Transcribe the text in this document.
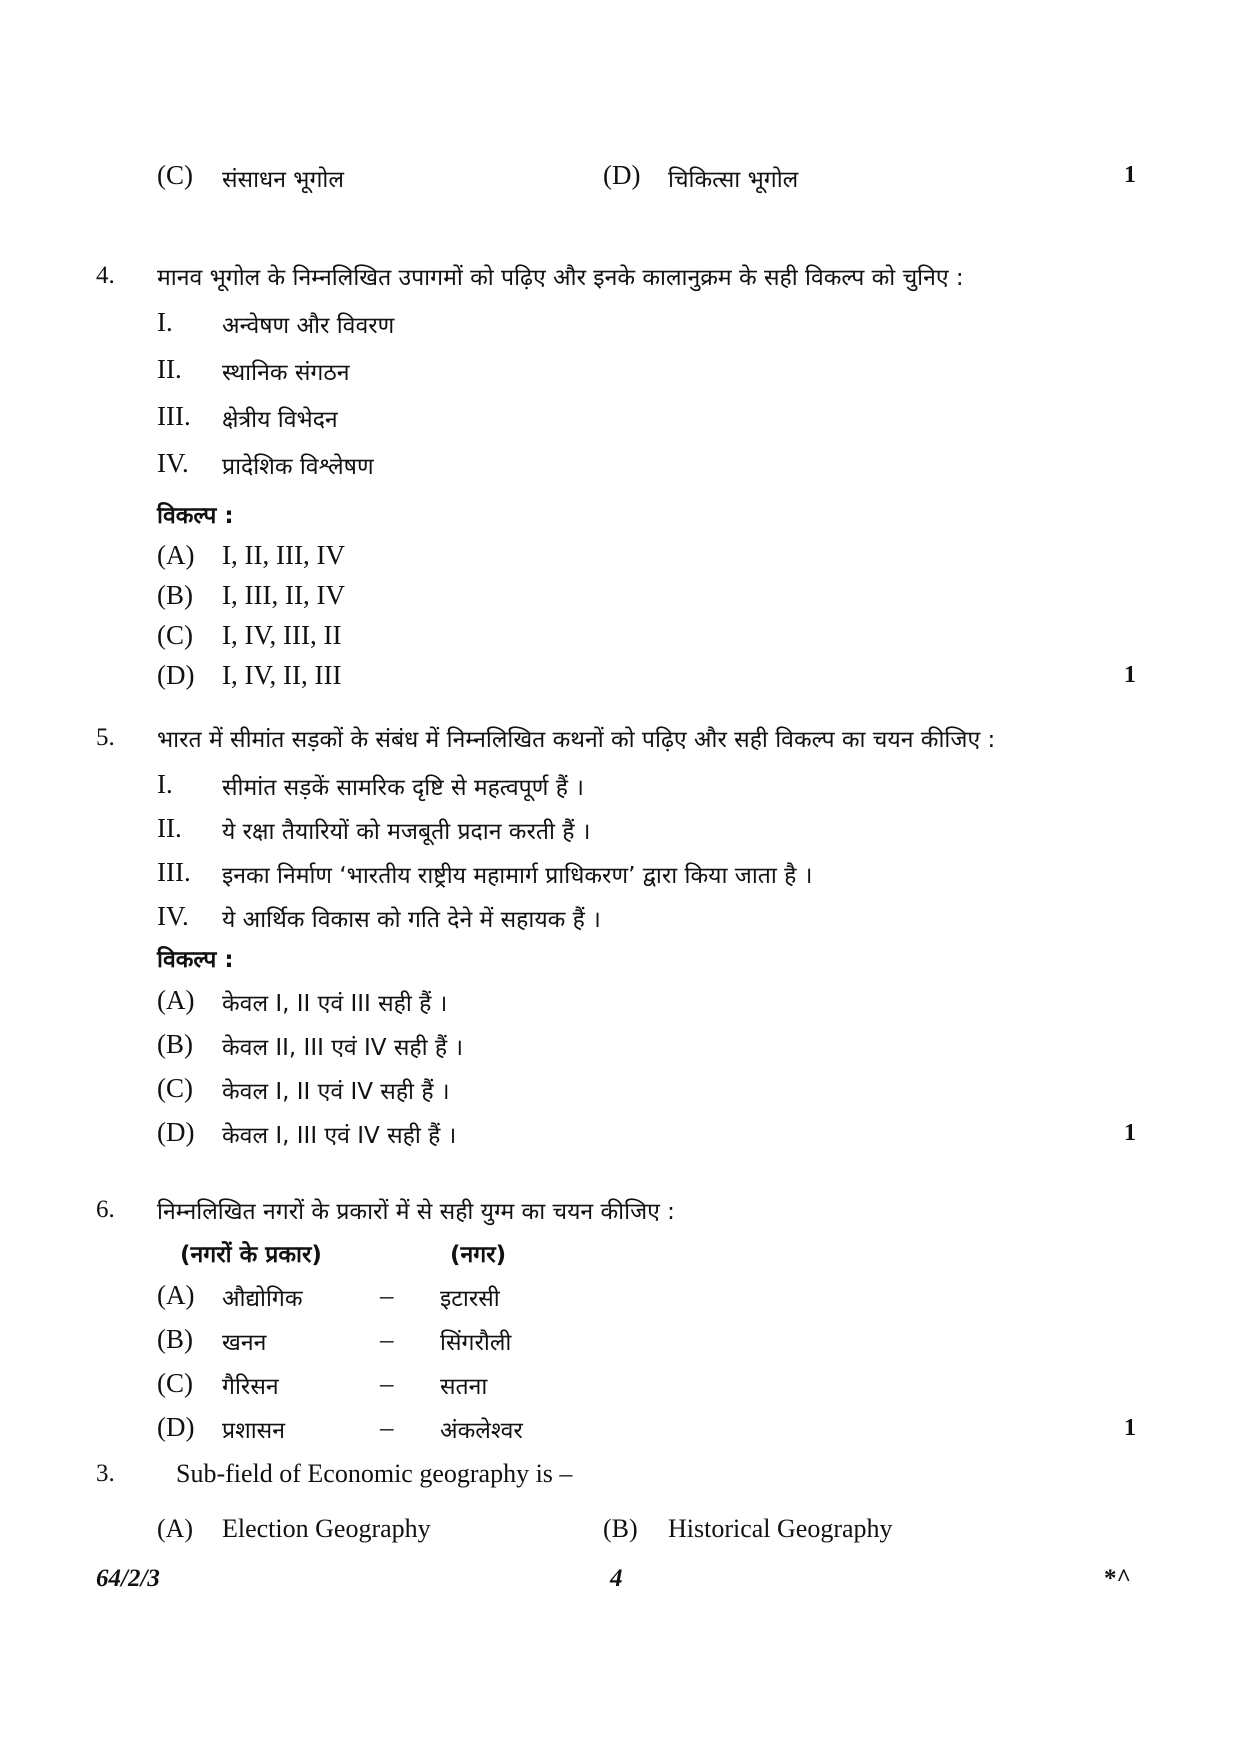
(C) संसाधन भूगोल	(D) चिकित्सा भूगोल	1
4. मानव भूगोल के निम्नलिखित उपागमों को पढ़िए और इनके कालानुक्रम के सही विकल्प को चुनिए :
I. अन्वेषण और विवरण
II. स्थानिक संगठन
III. क्षेत्रीय विभेदन
IV. प्रादेशिक विश्लेषण
विकल्प :
(A) I, II, III, IV
(B) I, III, II, IV
(C) I, IV, III, II
(D) I, IV, II, III	1
5. भारत में सीमांत सड़कों के संबंध में निम्नलिखित कथनों को पढ़िए और सही विकल्प का चयन कीजिए :
I. सीमांत सड़कें सामरिक दृष्टि से महत्वपूर्ण हैं ।
II. ये रक्षा तैयारियों को मजबूती प्रदान करती हैं ।
III. इनका निर्माण ‘भारतीय राष्ट्रीय महामार्ग प्राधिकरण’ द्वारा किया जाता है ।
IV. ये आर्थिक विकास को गति देने में सहायक हैं ।
विकल्प :
(A) केवल I, II एवं III सही हैं ।
(B) केवल II, III एवं IV सही हैं ।
(C) केवल I, II एवं IV सही हैं ।
(D) केवल I, III एवं IV सही हैं ।	1
6. निम्नलिखित नगरों के प्रकारों में से सही युग्म का चयन कीजिए :
(नगरों के प्रकार)	(नगर)
(A) औद्योगिक	– इटारसी
(B) खनन	– सिंगरौली
(C) गैरिसन	– सतना
(D) प्रशासन	– अंकलेश्वर	1
3. Sub-field of Economic geography is –
(A) Election Geography	(B) Historical Geography
64/2/3	4	*^
